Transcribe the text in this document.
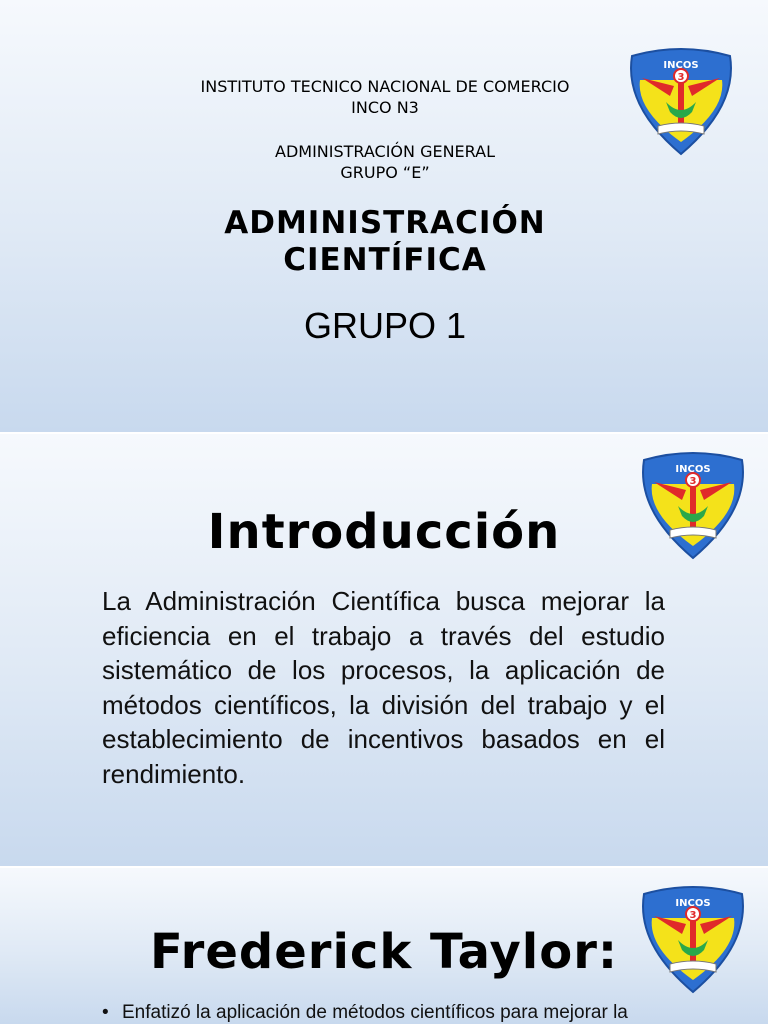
3
INCOS
INSTITUTO TECNICO NACIONAL DE COMERCIO
INCO N3
ADMINISTRACIÓN GENERAL
GRUPO “E”
ADMINISTRACIÓN
CIENTÍFICA
GRUPO 1
3
INCOS
Introducción
La Administración Científica busca mejorar la eficiencia en el trabajo a través del estudio sistemático de los procesos, la aplicación de métodos científicos, la división del trabajo y el establecimiento de incentivos basados en el rendimiento.
3
INCOS
Frederick Taylor:
• Enfatizó la aplicación de métodos científicos para mejorar la
